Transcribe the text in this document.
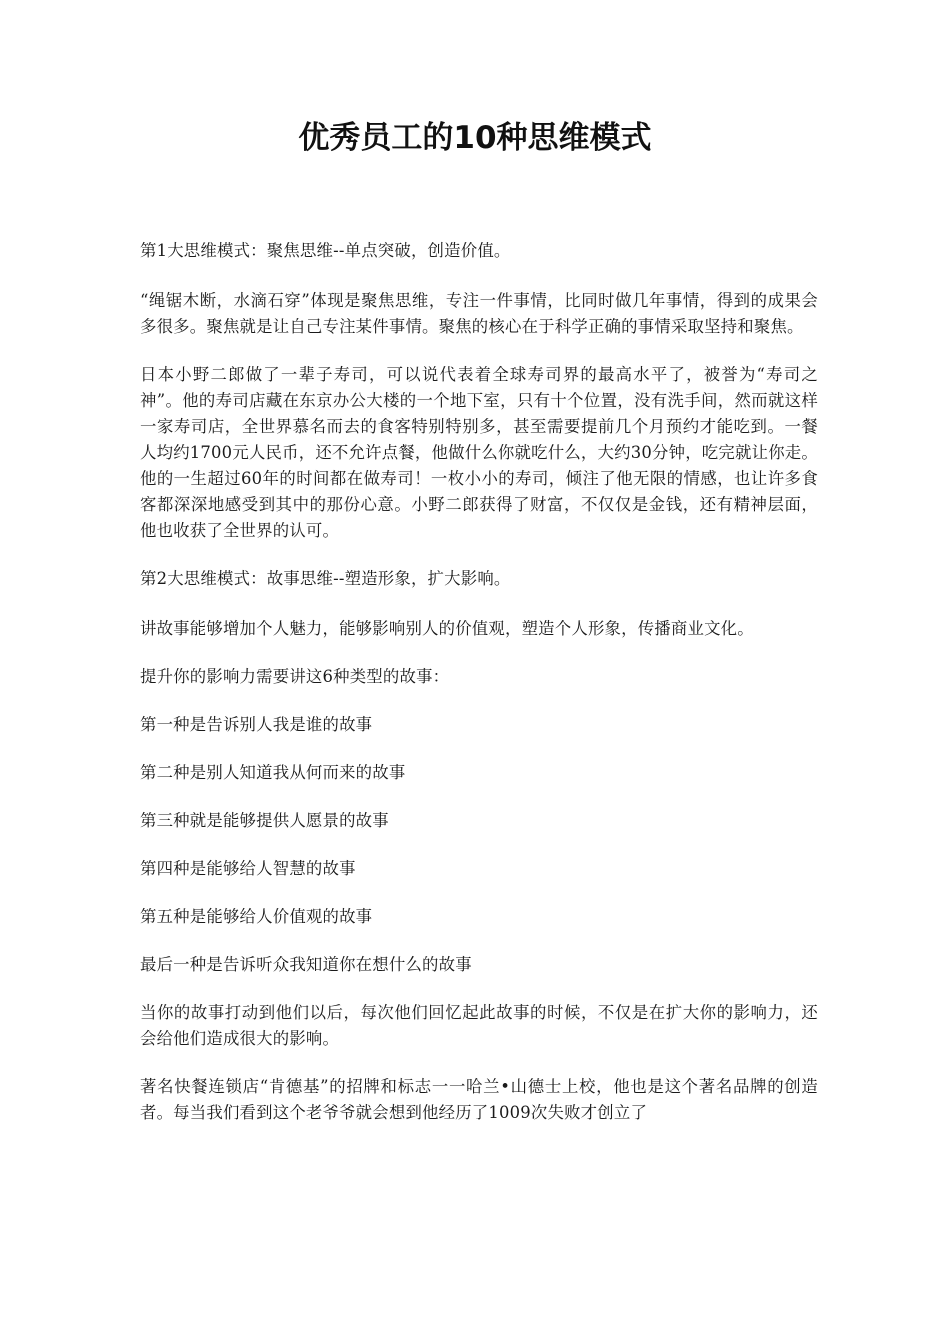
优秀员工的10种思维模式

第1大思维模式：聚焦思维--单点突破，创造价值。

“绳锯木断，水滴石穿”体现是聚焦思维，专注一件事情，比同时做几年事情，得到的成果会多很多。聚焦就是让自己专注某件事情。聚焦的核心在于科学正确的事情采取坚持和聚焦。

日本小野二郎做了一辈子寿司，可以说代表着全球寿司界的最高水平了，被誉为“寿司之神”。他的寿司店藏在东京办公大楼的一个地下室，只有十个位置，没有洗手间，然而就这样一家寿司店，全世界慕名而去的食客特别特别多，甚至需要提前几个月预约才能吃到。一餐人均约1700元人民币，还不允许点餐，他做什么你就吃什么，大约30分钟，吃完就让你走。他的一生超过60年的时间都在做寿司！一枚小小的寿司，倾注了他无限的情感，也让许多食客都深深地感受到其中的那份心意。小野二郎获得了财富，不仅仅是金钱，还有精神层面，他也收获了全世界的认可。

第2大思维模式：故事思维--塑造形象，扩大影响。

讲故事能够增加个人魅力，能够影响别人的价值观，塑造个人形象，传播商业文化。

提升你的影响力需要讲这6种类型的故事：

第一种是告诉别人我是谁的故事

第二种是别人知道我从何而来的故事

第三种就是能够提供人愿景的故事

第四种是能够给人智慧的故事

第五种是能够给人价值观的故事

最后一种是告诉听众我知道你在想什么的故事

当你的故事打动到他们以后，每次他们回忆起此故事的时候，不仅是在扩大你的影响力，还会给他们造成很大的影响。

著名快餐连锁店“肯德基”的招牌和标志一一哈兰•山德士上校，他也是这个著名品牌的创造者。每当我们看到这个老爷爷就会想到他经历了1009次失败才创立了
